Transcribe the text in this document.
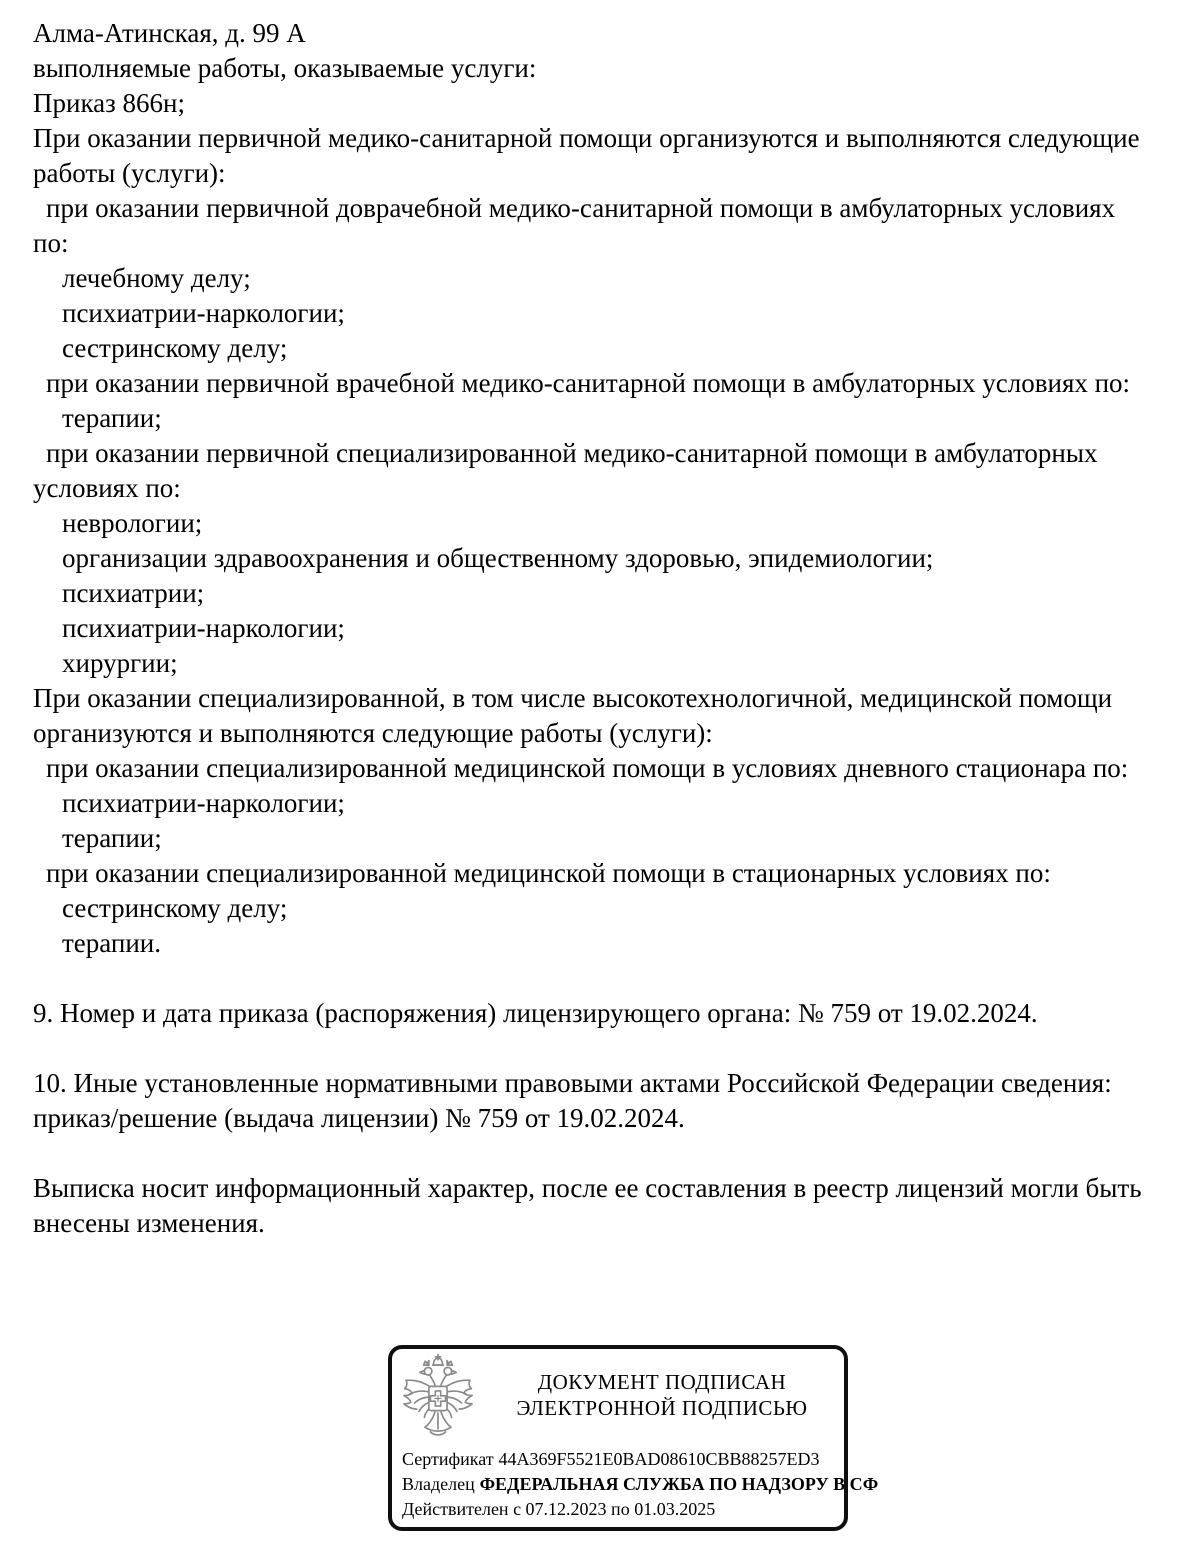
Алма-Атинская, д. 99 А
выполняемые работы, оказываемые услуги:
Приказ 866н;
При оказании первичной медико-санитарной помощи организуются и выполняются следующие
работы (услуги):
при оказании первичной доврачебной медико-санитарной помощи в амбулаторных условиях
по:
лечебному делу;
психиатрии-наркологии;
сестринскому делу;
при оказании первичной врачебной медико-санитарной помощи в амбулаторных условиях по:
терапии;
при оказании первичной специализированной медико-санитарной помощи в амбулаторных
условиях по:
неврологии;
организации здравоохранения и общественному здоровью, эпидемиологии;
психиатрии;
психиатрии-наркологии;
хирургии;
При оказании специализированной, в том числе высокотехнологичной, медицинской помощи
организуются и выполняются следующие работы (услуги):
при оказании специализированной медицинской помощи в условиях дневного стационара по:
психиатрии-наркологии;
терапии;
при оказании специализированной медицинской помощи в стационарных условиях по:
сестринскому делу;
терапии.

9. Номер и дата приказа (распоряжения) лицензирующего органа: № 759 от 19.02.2024.

10. Иные установленные нормативными правовыми актами Российской Федерации сведения:
приказ/решение (выдача лицензии) № 759 от 19.02.2024.

Выписка носит информационный характер, после ее составления в реестр лицензий могли быть
внесены изменения.
ДОКУМЕНТ ПОДПИСАН
ЭЛЕКТРОННОЙ ПОДПИСЬЮ
Сертификат 44A369F5521E0BAD08610CBB88257ED3
Владелец ФЕДЕРАЛЬНАЯ СЛУЖБА ПО НАДЗОРУ В СФ
Действителен с 07.12.2023 по 01.03.2025
